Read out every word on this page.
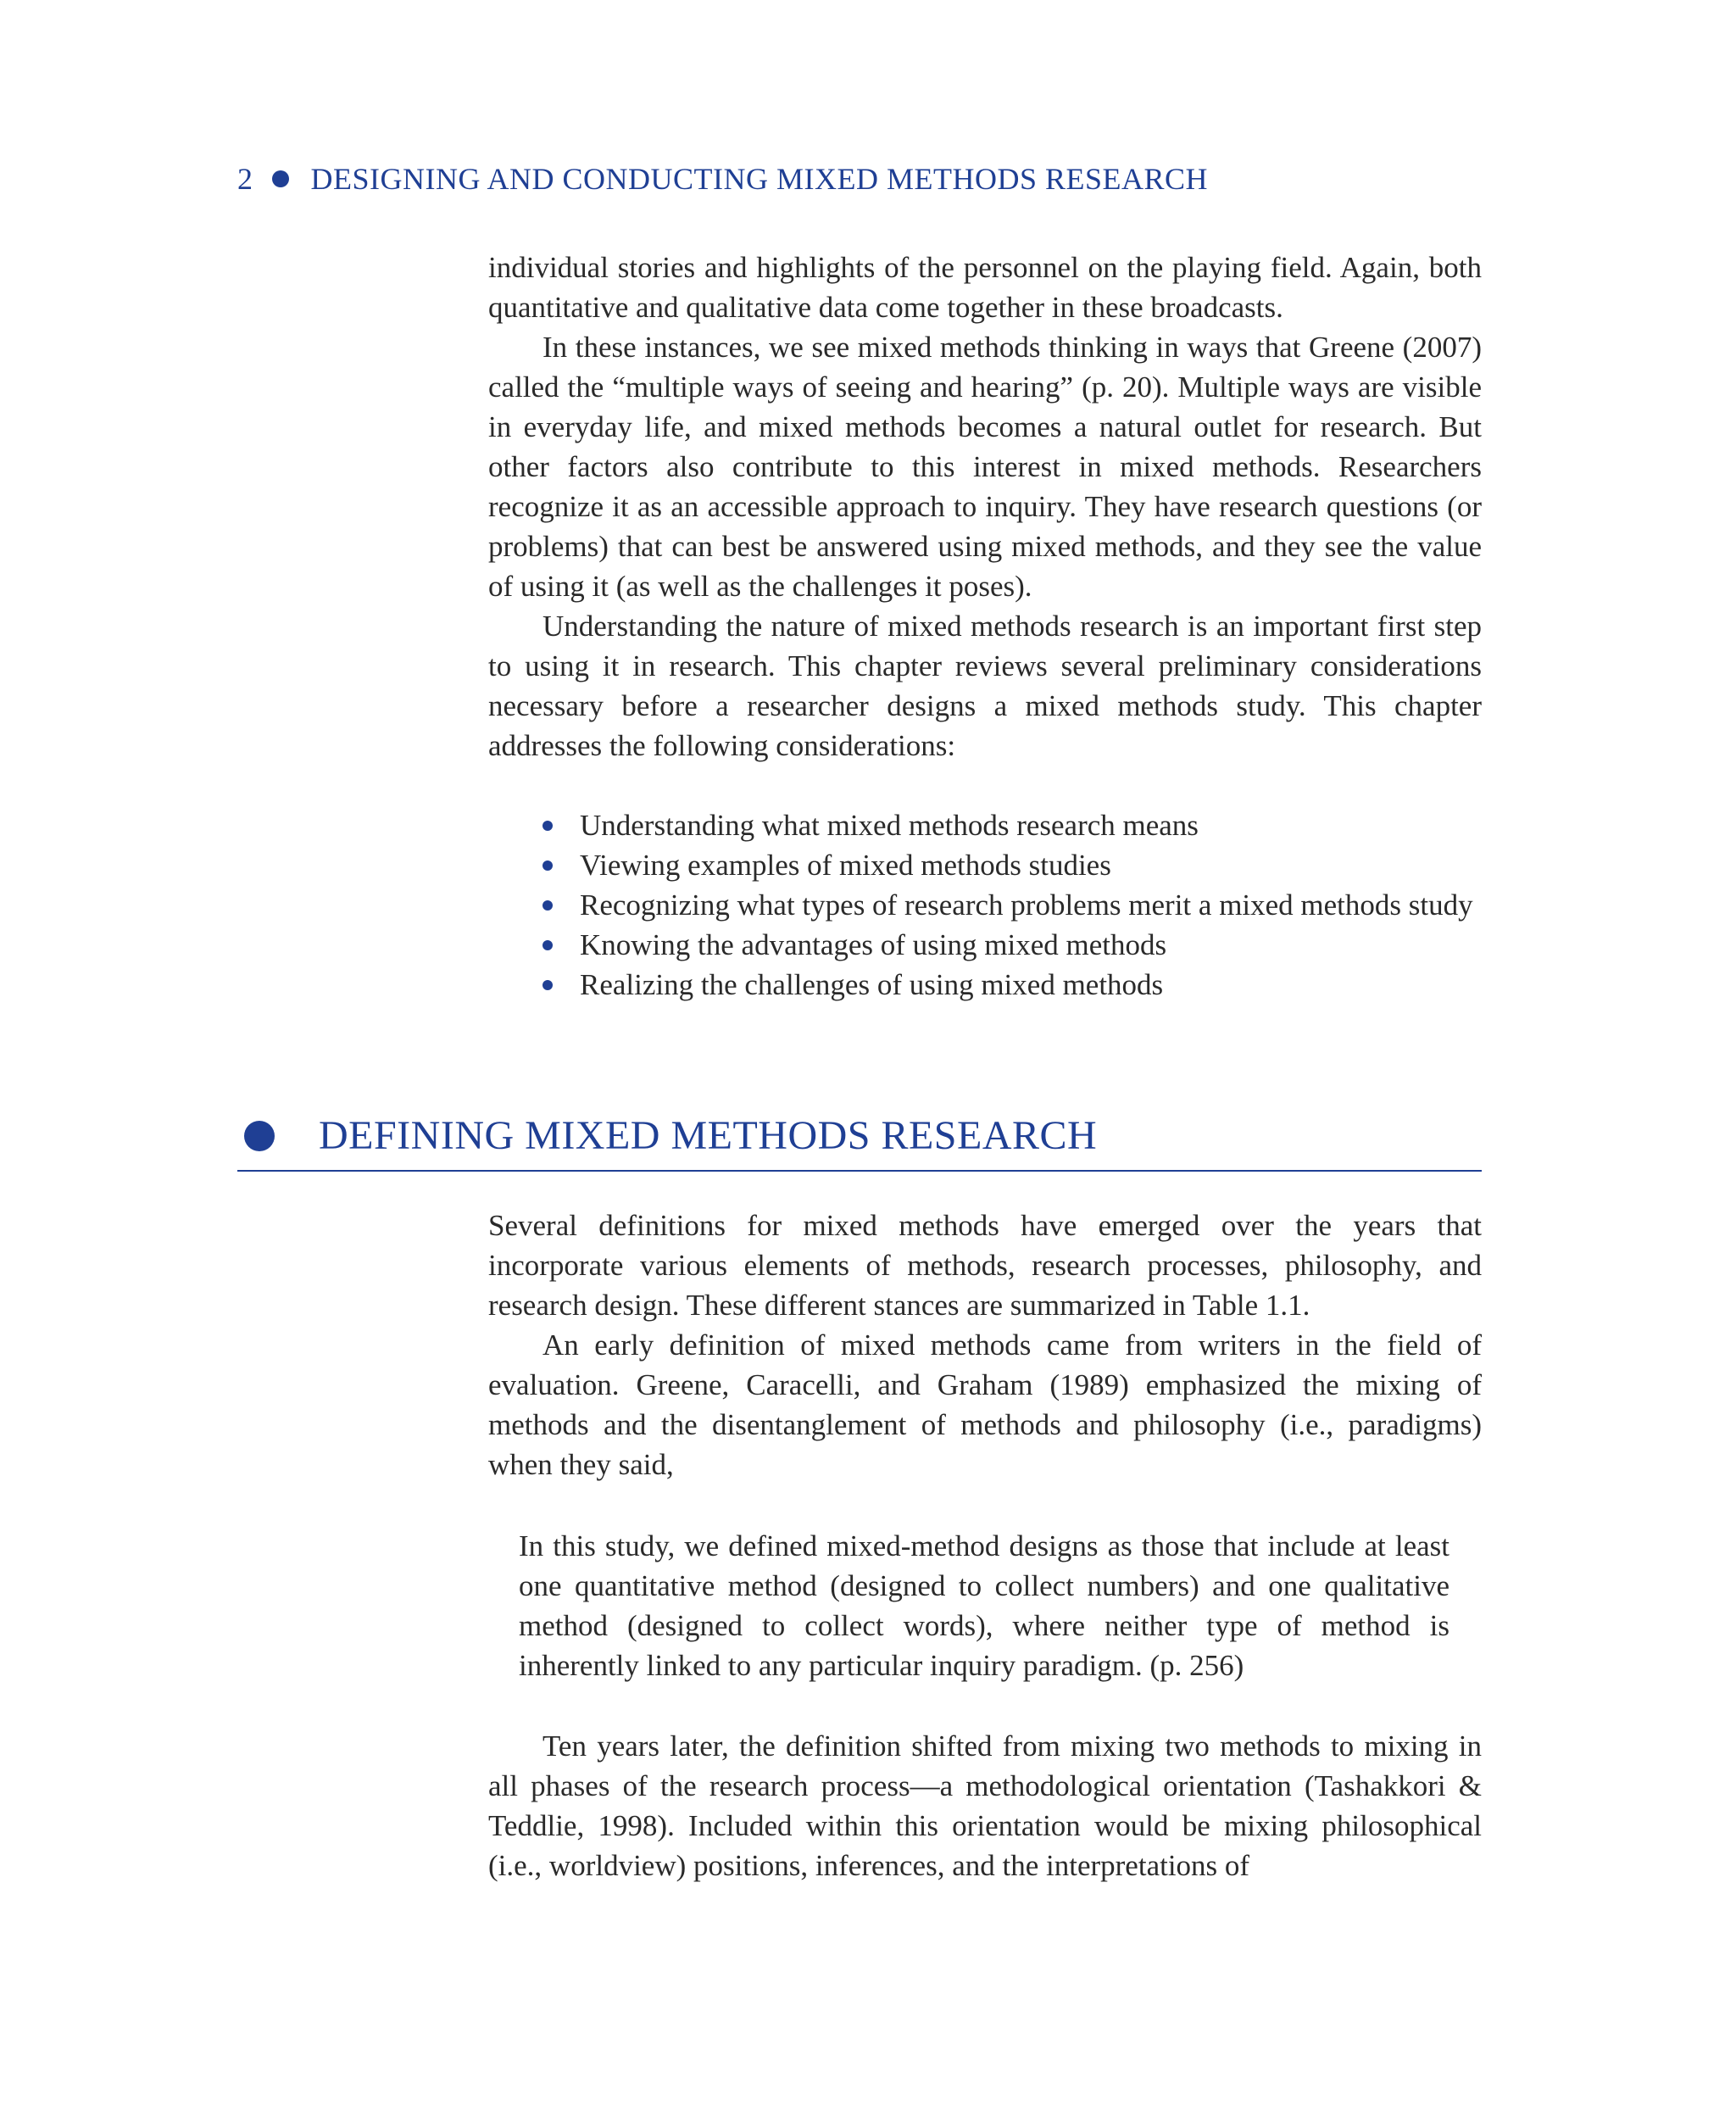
2 DESIGNING AND CONDUCTING MIXED METHODS RESEARCH

individual stories and highlights of the personnel on the playing field. Again, both quantitative and qualitative data come together in these broadcasts.

In these instances, we see mixed methods thinking in ways that Greene (2007) called the “multiple ways of seeing and hearing” (p. 20). Multiple ways are visible in everyday life, and mixed methods becomes a natural outlet for research. But other factors also contribute to this interest in mixed methods. Researchers recognize it as an accessible approach to inquiry. They have research questions (or problems) that can best be answered using mixed methods, and they see the value of using it (as well as the challenges it poses).

Understanding the nature of mixed methods research is an important first step to using it in research. This chapter reviews several preliminary considerations necessary before a researcher designs a mixed methods study. This chapter addresses the following considerations:

Understanding what mixed methods research means
Viewing examples of mixed methods studies
Recognizing what types of research problems merit a mixed methods study
Knowing the advantages of using mixed methods
Realizing the challenges of using mixed methods
DEFINING MIXED METHODS RESEARCH

Several definitions for mixed methods have emerged over the years that incorporate various elements of methods, research processes, philosophy, and research design. These different stances are summarized in Table 1.1.

An early definition of mixed methods came from writers in the field of evaluation. Greene, Caracelli, and Graham (1989) emphasized the mixing of methods and the disentanglement of methods and philosophy (i.e., paradigms) when they said,

In this study, we defined mixed-method designs as those that include at least one quantitative method (designed to collect numbers) and one qualitative method (designed to collect words), where neither type of method is inherently linked to any particular inquiry paradigm. (p. 256)

Ten years later, the definition shifted from mixing two methods to mixing in all phases of the research process—a methodological orientation (Tashakkori & Teddlie, 1998). Included within this orientation would be mixing philosophical (i.e., worldview) positions, inferences, and the interpretations of
